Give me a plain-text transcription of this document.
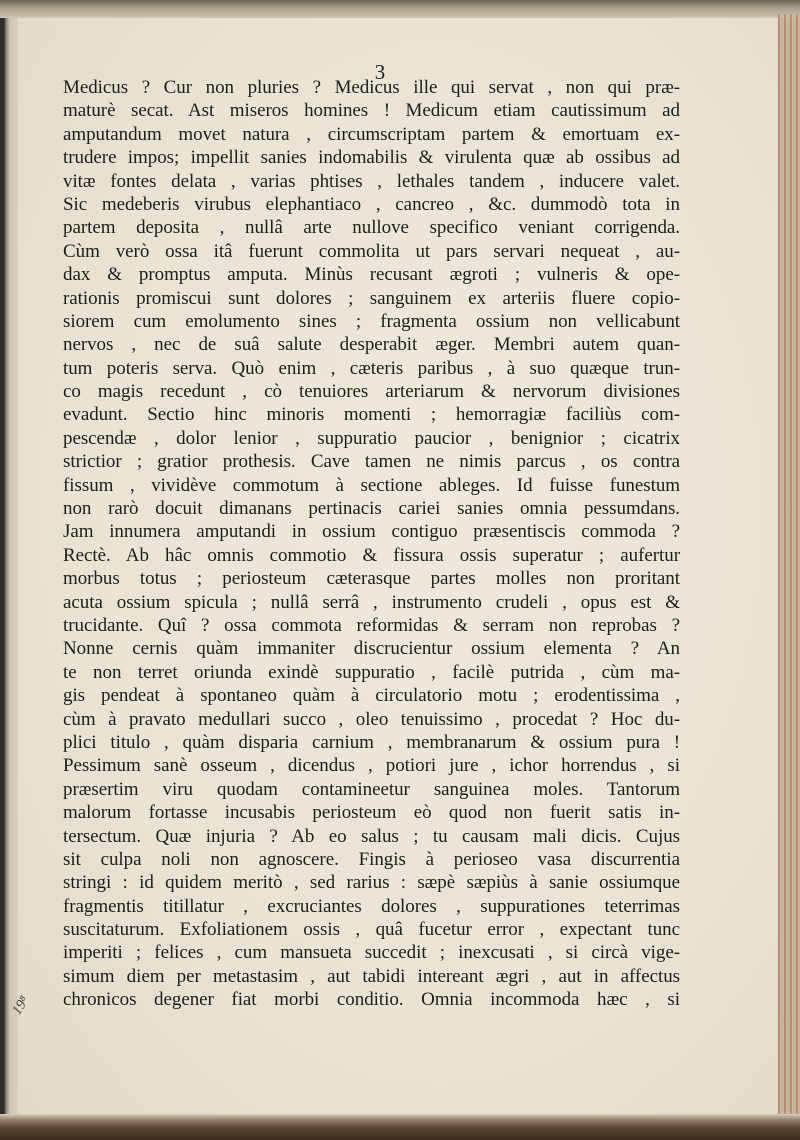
3
Medicus ? Cur non pluries ? Medicus ille qui servat , non qui præ-
maturè secat. Ast miseros homines ! Medicum etiam cautissimum ad
amputandum movet natura , circumscriptam partem & emortuam ex-
trudere impos; impellit sanies indomabilis & virulenta quæ ab ossibus ad
vitæ fontes delata , varias phtises , lethales tandem , inducere valet.
Sic medeberis virubus elephantiaco , cancreo , &c. dummodò tota in
partem deposita , nullâ arte nullove specifico veniant corrigenda.
Cùm verò ossa itâ fuerunt commolita ut pars servari nequeat , au-
dax & promptus amputa. Minùs recusant ægroti ; vulneris & ope-
rationis promiscui sunt dolores ; sanguinem ex arteriis fluere copio-
siorem cum emolumento sines ; fragmenta ossium non vellicabunt
nervos , nec de suâ salute desperabit æger. Membri autem quan-
tum poteris serva. Quò enim , cæteris paribus , à suo quæque trun-
co magis recedunt , cò tenuiores arteriarum & nervorum divisiones
evadunt. Sectio hinc minoris momenti ; hemorragiæ faciliùs com-
pescendæ , dolor lenior , suppuratio paucior , benignior ; cicatrix
strictior ; gratior prothesis. Cave tamen ne nimis parcus , os contra
fissum , vividève commotum à sectione ableges. Id fuisse funestum
non rarò docuit dimanans pertinacis cariei sanies omnia pessumdans.
Jam innumera amputandi in ossium contiguo præsentiscis commoda ?
Rectè. Ab hâc omnis commotio & fissura ossis superatur ; aufertur
morbus totus ; periosteum cæterasque partes molles non proritant
acuta ossium spicula ; nullâ serrâ , instrumento crudeli , opus est &
trucidante. Quî ? ossa commota reformidas & serram non reprobas ?
Nonne cernis quàm immaniter discrucientur ossium elementa ? An
te non terret oriunda exindè suppuratio , facilè putrida , cùm ma-
gis pendeat à spontaneo quàm à circulatorio motu ; erodentissima ,
cùm à pravato medullari succo , oleo tenuissimo , procedat ? Hoc du-
plici titulo , quàm disparia carnium , membranarum & ossium pura !
Pessimum sanè osseum , dicendus , potiori jure , ichor horrendus , si
præsertim viru quodam contamineetur sanguinea moles. Tantorum
malorum fortasse incusabis periosteum eò quod non fuerit satis in-
tersectum. Quæ injuria ? Ab eo salus ; tu causam mali dicis. Cujus
sit culpa noli non agnoscere. Fingis à perioseo vasa discurrentia
stringi : id quidem meritò , sed rarius : sæpè sæpiùs à sanie ossiumque
fragmentis titillatur , excruciantes dolores , suppurationes teterrimas
suscitaturum. Exfoliationem ossis , quâ fucetur error , expectant tunc
imperiti ; felices , cum mansueta succedit ; inexcusati , si circà vige-
simum diem per metastasim , aut tabidi intereant ægri , aut in affectus
chronicos degener fiat morbi conditio. Omnia incommoda hæc , si
19⁸
